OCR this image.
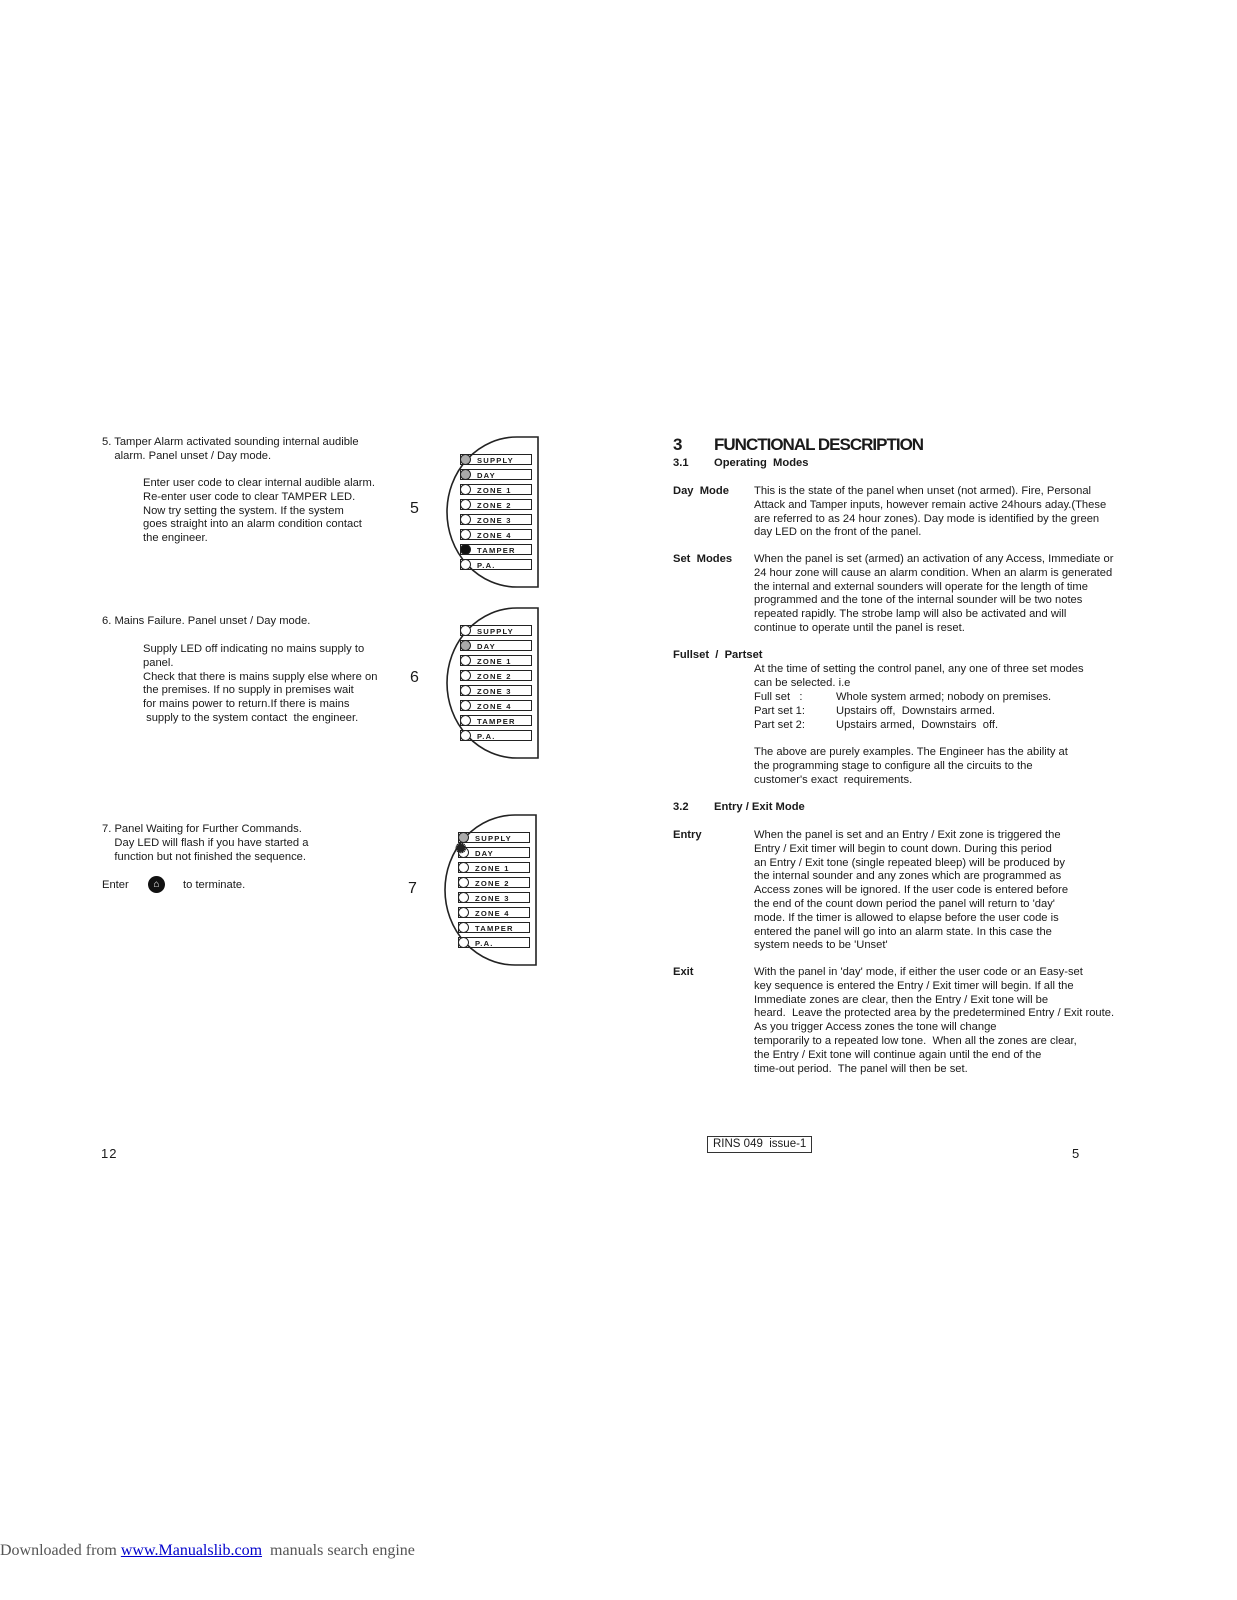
5. Tamper Alarm activated sounding internal audible
alarm. Panel unset / Day mode.
Enter user code to clear internal audible alarm.
Re-enter user code to clear TAMPER LED.
Now try setting the system. If the system
goes straight into an alarm condition contact
the engineer.
5
SUPPLY
DAY
ZONE 1
ZONE 2
ZONE 3
ZONE 4
TAMPER
P.A.
6. Mains Failure. Panel unset / Day mode.
Supply LED off indicating no mains supply to
panel.
Check that there is mains supply else where on
the premises. If no supply in premises wait
for mains power to return.If there is mains
supply to the system contact  the engineer.
6
SUPPLY
DAY
ZONE 1
ZONE 2
ZONE 3
ZONE 4
TAMPER
P.A.
7. Panel Waiting for Further Commands.
Day LED will flash if you have started a
function but not finished the sequence.
Enter	⌂	to terminate.	7
SUPPLY
✺
DAY
ZONE 1
ZONE 2
ZONE 3
ZONE 4
TAMPER
P.A.
12
3 FUNCTIONAL DESCRIPTION
3.1 Operating  Modes
Day  Mode This is the state of the panel when unset (not armed). Fire, Personal
Attack and Tamper inputs, however remain active 24hours aday.(These
are referred to as 24 hour zones). Day mode is identified by the green
day LED on the front of the panel.
Set  Modes When the panel is set (armed) an activation of any Access, Immediate or
24 hour zone will cause an alarm condition. When an alarm is generated
the internal and external sounders will operate for the length of time
programmed and the tone of the internal sounder will be two notes
repeated rapidly. The strobe lamp will also be activated and will
continue to operate until the panel is reset.
Fullset  /  Partset
At the time of setting the control panel, any one of three set modes
can be selected. i.e
Full set   :	Whole system armed; nobody on premises.
Part set 1:	Upstairs off,  Downstairs armed.
Part set 2:	Upstairs armed,  Downstairs  off.
The above are purely examples. The Engineer has the ability at
the programming stage to configure all the circuits to the
customer's exact  requirements.
3.2 Entry / Exit Mode
Entry	When the panel is set and an Entry / Exit zone is triggered the
Entry / Exit timer will begin to count down. During this period
an Entry / Exit tone (single repeated bleep) will be produced by
the internal sounder and any zones which are programmed as
Access zones will be ignored. If the user code is entered before
the end of the count down period the panel will return to 'day'
mode. If the timer is allowed to elapse before the user code is
entered the panel will go into an alarm state. In this case the
system needs to be 'Unset'
Exit	With the panel in 'day' mode, if either the user code or an Easy-set
key sequence is entered the Entry / Exit timer will begin. If all the
Immediate zones are clear, then the Entry / Exit tone will be
heard.  Leave the protected area by the predetermined Entry / Exit route.
As you trigger Access zones the tone will change
temporarily to a repeated low tone.  When all the zones are clear,
the Entry / Exit tone will continue again until the end of the
time-out period.  The panel will then be set.
RINS 049  issue-1
5
Downloaded from www.Manualslib.com  manuals search engine
